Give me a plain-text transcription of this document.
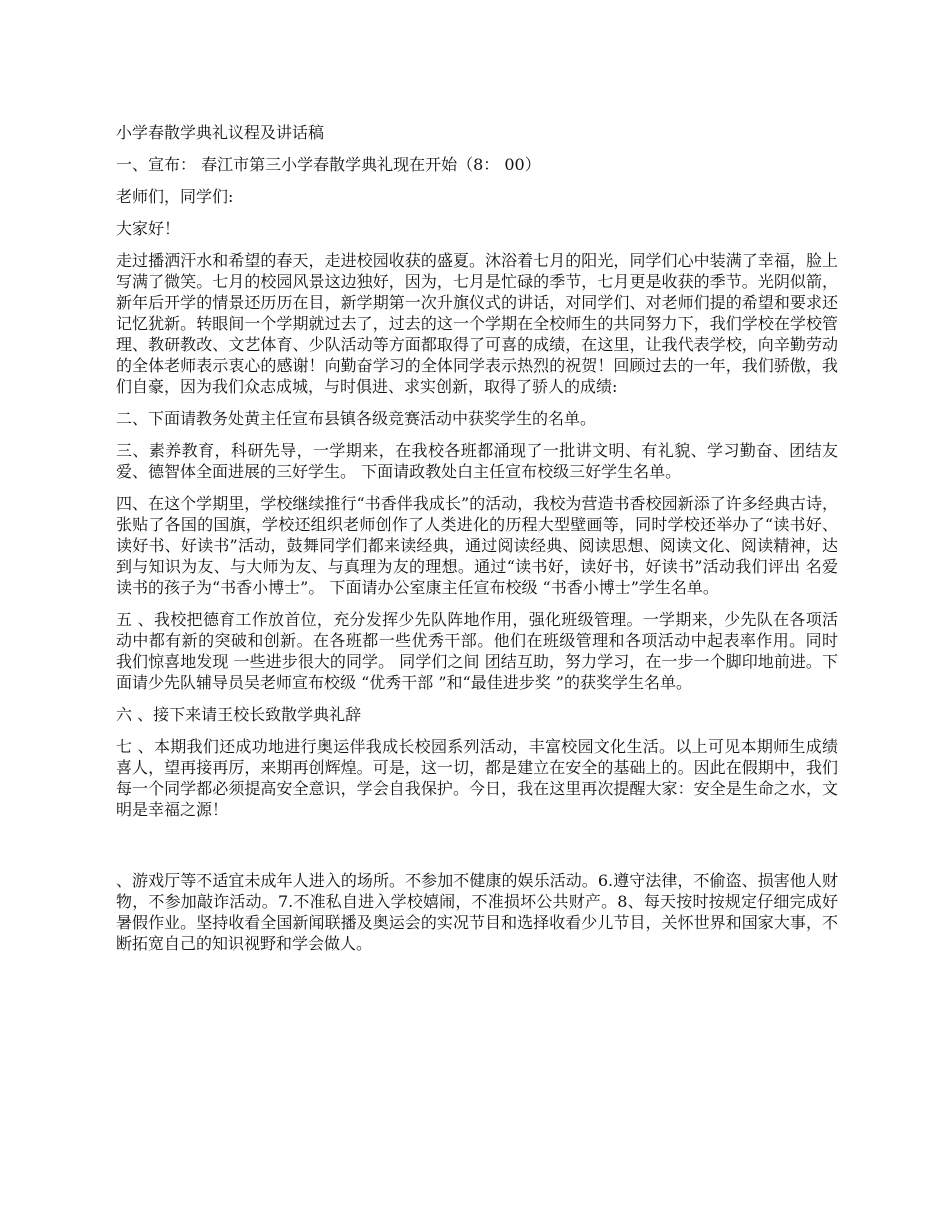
小学春散学典礼议程及讲话稿
一、宣布： 春江市第三小学春散学典礼现在开始（8： 00）
老师们，同学们:
大家好！
走过播洒汗水和希望的春天，走进校园收获的盛夏。沐浴着七月的阳光，同学们心中装满了幸福，脸上写满了微笑。七月的校园风景这边独好，因为，七月是忙碌的季节，七月更是收获的季节。光阴似箭，新年后开学的情景还历历在目，新学期第一次升旗仪式的讲话，对同学们、对老师们提的希望和要求还记忆犹新。转眼间一个学期就过去了，过去的这一个学期在全校师生的共同努力下，我们学校在学校管理、教研教改、文艺体育、少队活动等方面都取得了可喜的成绩，在这里，让我代表学校，向辛勤劳动的全体老师表示衷心的感谢！向勤奋学习的全体同学表示热烈的祝贺！回顾过去的一年，我们骄傲，我们自豪，因为我们众志成城，与时俱进、求实创新，取得了骄人的成绩:
二、下面请教务处黄主任宣布县镇各级竞赛活动中获奖学生的名单。
三、素养教育，科研先导，一学期来，在我校各班都涌现了一批讲文明、有礼貌、学习勤奋、团结友爱、德智体全面进展的三好学生。 下面请政教处白主任宣布校级三好学生名单。
四、在这个学期里，学校继续推行“书香伴我成长”的活动，我校为营造书香校园新添了许多经典古诗，张贴了各国的国旗，学校还组织老师创作了人类进化的历程大型壁画等，同时学校还举办了“读书好、读好书、好读书”活动，鼓舞同学们都来读经典，通过阅读经典、阅读思想、阅读文化、阅读精神，达到与知识为友、与大师为友、与真理为友的理想。通过“读书好，读好书，好读书”活动我们评出 名爱读书的孩子为“书香小博士”。 下面请办公室康主任宣布校级 “书香小博士”学生名单。
五 、我校把德育工作放首位，充分发挥少先队阵地作用，强化班级管理。一学期来，少先队在各项活动中都有新的突破和创新。在各班都一些优秀干部。他们在班级管理和各项活动中起表率作用。同时 我们惊喜地发现 一些进步很大的同学。 同学们之间 团结互助，努力学习，在一步一个脚印地前进。下面请少先队辅导员吴老师宣布校级 “优秀干部 ”和“最佳进步奖 ”的获奖学生名单。
六 、接下来请王校长致散学典礼辞
七 、本期我们还成功地进行奥运伴我成长校园系列活动，丰富校园文化生活。以上可见本期师生成绩喜人，望再接再厉，来期再创辉煌。可是，这一切，都是建立在安全的基础上的。因此在假期中，我们每一个同学都必须提高安全意识，学会自我保护。今日，我在这里再次提醒大家：安全是生命之水，文明是幸福之源！
、游戏厅等不适宜未成年人进入的场所。不参加不健康的娱乐活动。6.遵守法律，不偷盗、损害他人财物，不参加敲诈活动。7.不准私自进入学校嬉闹，不准损坏公共财产。8、每天按时按规定仔细完成好暑假作业。坚持收看全国新闻联播及奥运会的实况节目和选择收看少儿节目，关怀世界和国家大事，不断拓宽自己的知识视野和学会做人。
